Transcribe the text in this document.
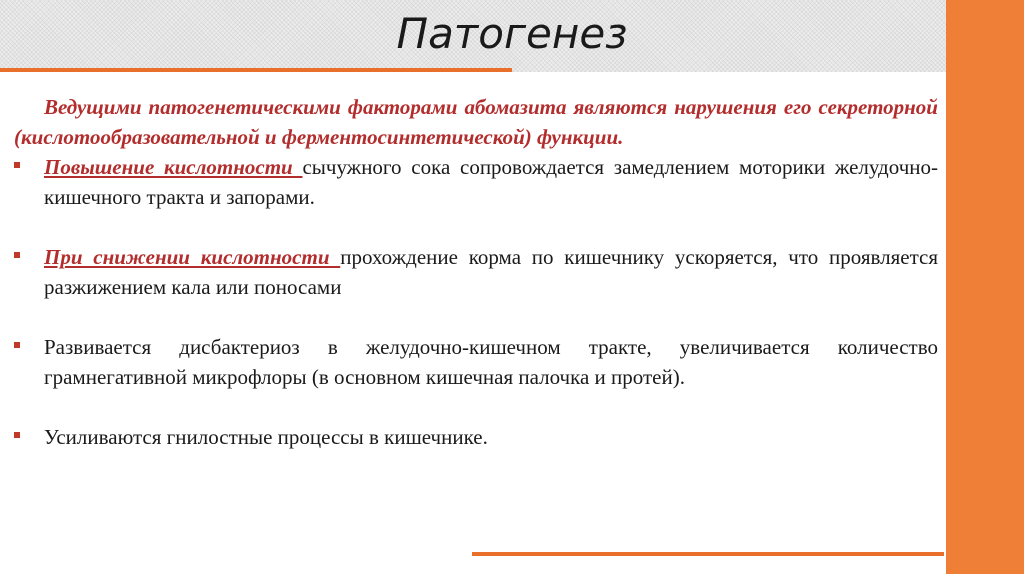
Патогенез

Ведущими патогенетическими факторами абомазита являются нарушения его секреторной (кислотообразовательной и ферментосинтетической) функции.

Повышение кислотности сычужного сока сопровождается замедлением моторики желудочно-кишечного тракта и запорами.

При снижении кислотности прохождение корма по кишечнику ускоряется, что проявляется разжижением кала или поносами

Развивается дисбактериоз в желудочно-кишечном тракте, увеличивается количество грамнегативной микрофлоры (в основном кишечная палочка и протей).

Усиливаются гнилостные процессы в кишечнике.
